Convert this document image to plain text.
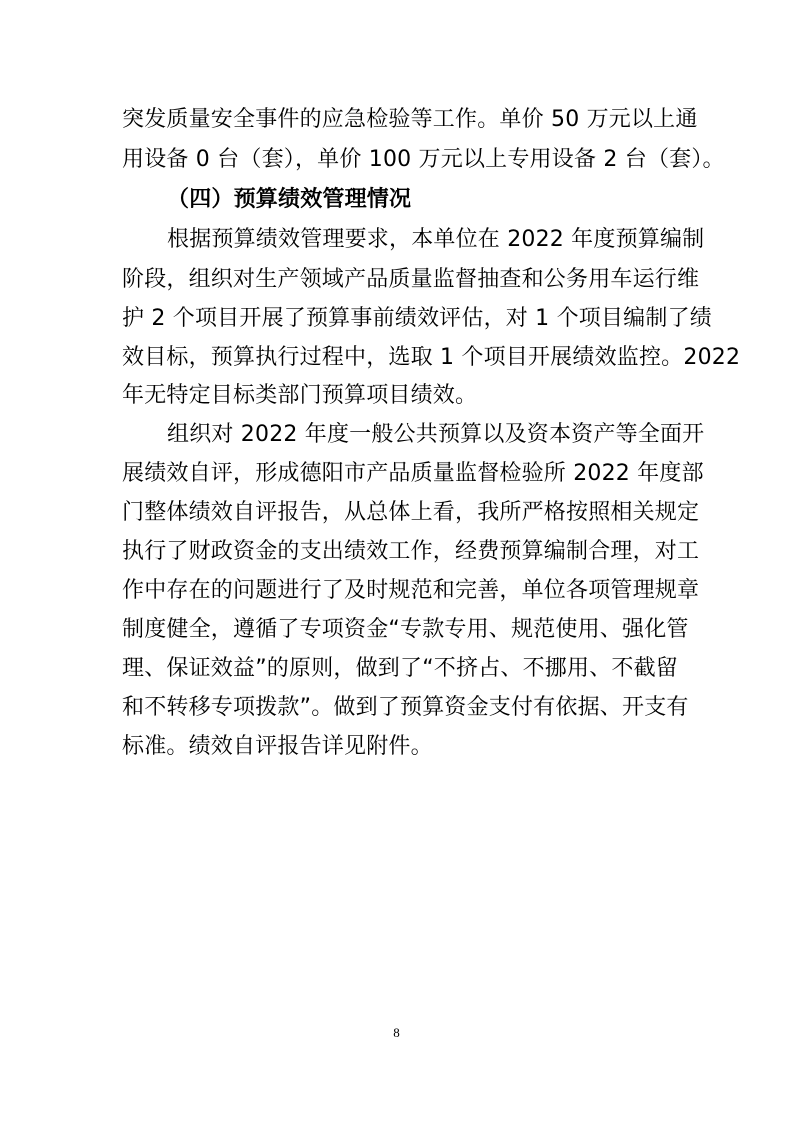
突发质量安全事件的应急检验等工作。单价 50 万元以上通

用设备 0 台（套），单价 100 万元以上专用设备 2 台（套）。

（四）预算绩效管理情况

根据预算绩效管理要求，本单位在 2022 年度预算编制

阶段，组织对生产领域产品质量监督抽查和公务用车运行维

护 2 个项目开展了预算事前绩效评估，对 1 个项目编制了绩

效目标，预算执行过程中，选取 1 个项目开展绩效监控。2022

年无特定目标类部门预算项目绩效。

组织对 2022 年度一般公共预算以及资本资产等全面开

展绩效自评，形成德阳市产品质量监督检验所 2022 年度部

门整体绩效自评报告，从总体上看，我所严格按照相关规定

执行了财政资金的支出绩效工作，经费预算编制合理，对工

作中存在的问题进行了及时规范和完善，单位各项管理规章

制度健全，遵循了专项资金“专款专用、规范使用、强化管

理、保证效益”的原则，做到了“不挤占、不挪用、不截留

和不转移专项拨款”。做到了预算资金支付有依据、开支有

标准。绩效自评报告详见附件。

8
